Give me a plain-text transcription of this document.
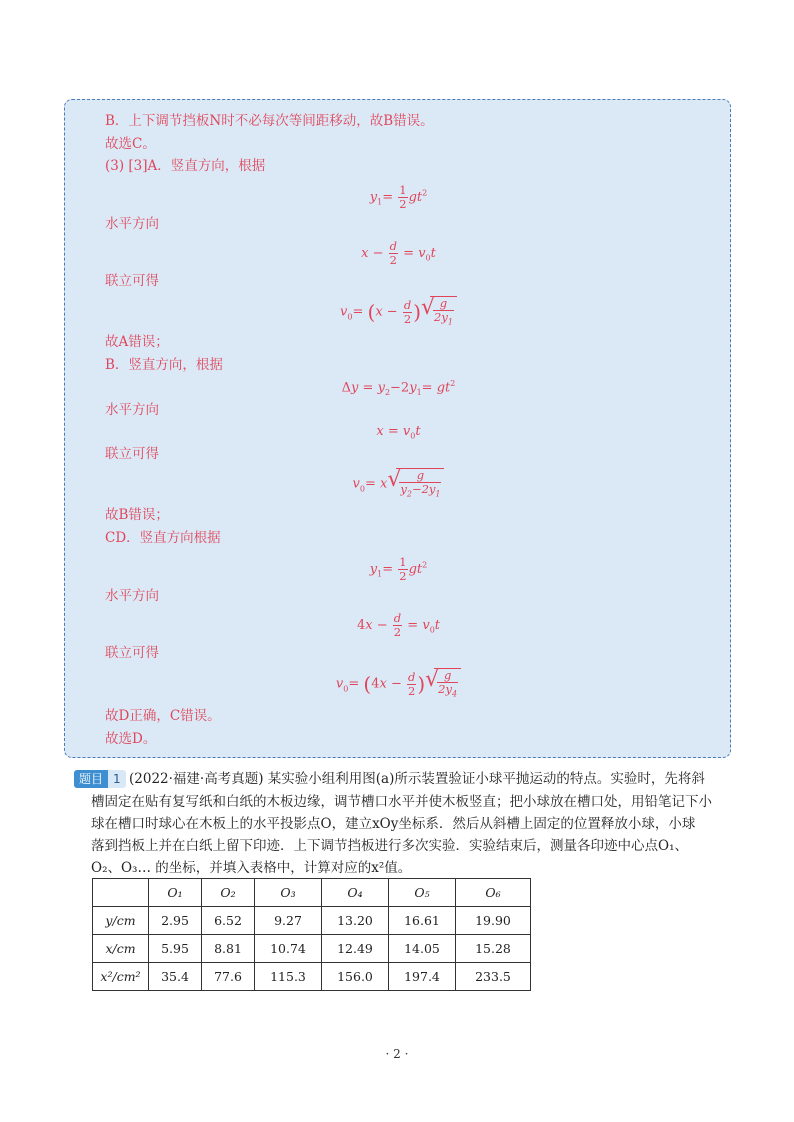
B．上下调节挡板N时不必每次等间距移动，故B错误。
故选C。
(3) [3]A．竖直方向，根据
$y_1= \frac{1}{2} gt^2$
水平方向
$x - \frac{d}{2} = v_0t$
联立可得
$v_0= (x - \frac{d}{2}$ ) √
$\frac{g}{2y_1}$
故A错误；
B．竖直方向，根据
$\Delta y = y_2-2y_1= gt^2$
水平方向
$x = v_0t$
联立可得
$v_0= x$ √
$\frac{g}{y_2-2y_1}$
故B错误；
CD．竖直方向根据
$y_1= \frac{1}{2} gt^2$
水平方向
$4x - \frac{d}{2} = v_0t$
联立可得
$v_0= (4x - \frac{d}{2}$ ) √
$\frac{g}{2y_4}$
故D正确，C错误。
故选D。
题目 1 (2022·福建·高考真题) 某实验小组利用图(a)所示装置验证小球平抛运动的特点。实验时，先将斜
槽固定在贴有复写纸和白纸的木板边缘，调节槽口水平并使木板竖直；把小球放在槽口处，用铅笔记下小
球在槽口时球心在木板上的水平投影点O，建立xOy坐标系．然后从斜槽上固定的位置释放小球，小球
落到挡板上并在白纸上留下印迹．上下调节挡板进行多次实验．实验结束后，测量各印迹中心点O₁、
O₂、O₃… 的坐标，并填入表格中，计算对应的x²值。
	O₁	O₂	O₃	O₄	O₅	O₆
y/cm	2.95	6.52	9.27	13.20	16.61	19.90
x/cm	5.95	8.81	10.74	12.49	14.05	15.28
x²/cm²	35.4	77.6	115.3	156.0	197.4	233.5
· 2 ·
